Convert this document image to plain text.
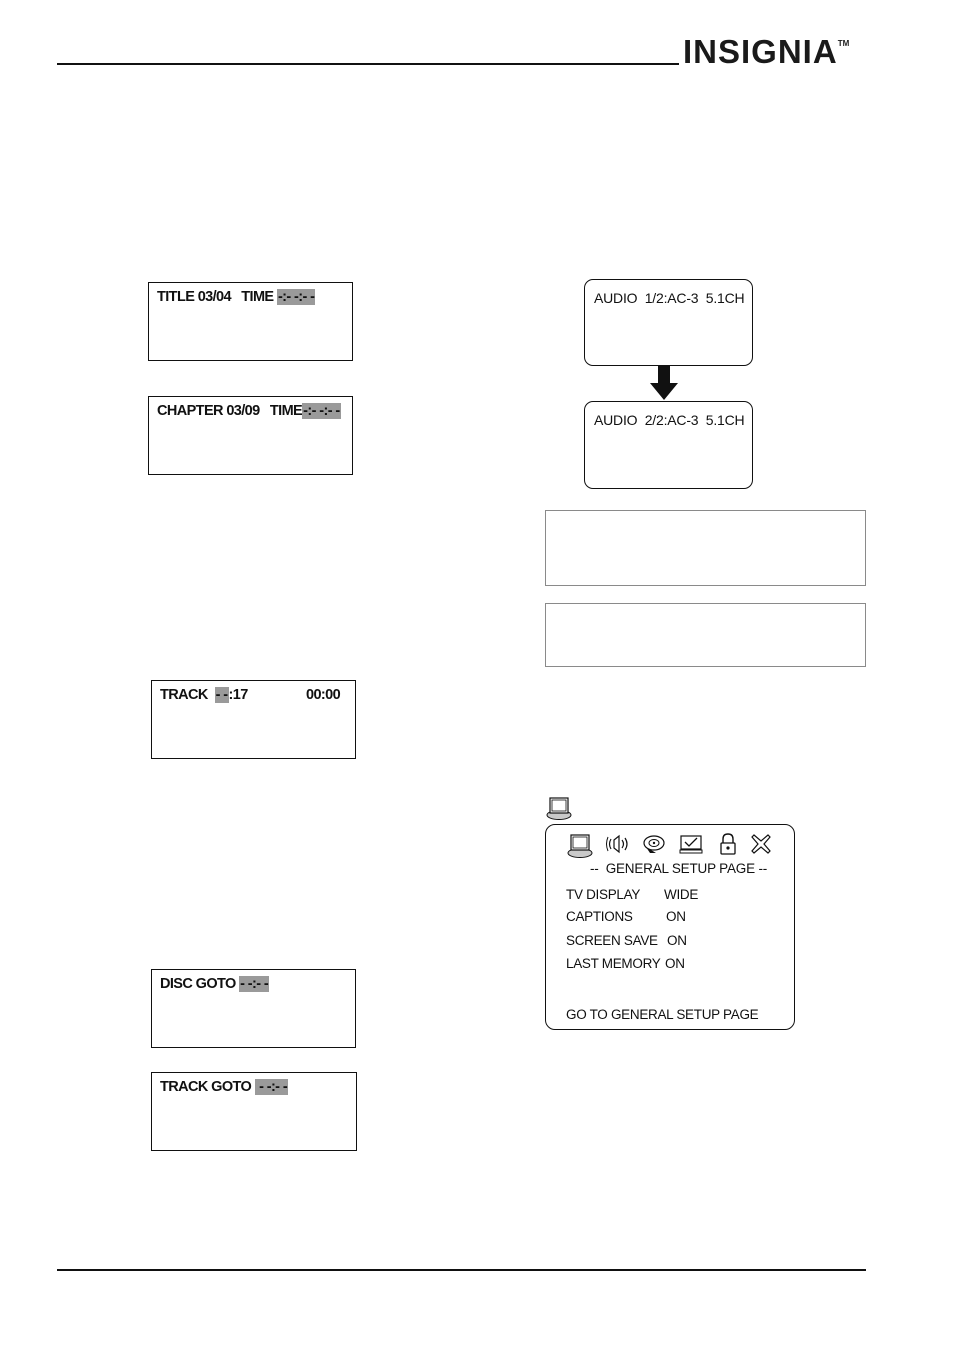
INSIGNIA™
TITLE 03/04   TIME -:- -:- -
CHAPTER 03/09   TIME-:- -:- -
TRACK  - -:17	00:00
DISC GOTO - -:- -
TRACK GOTO  - -:- -
AUDIO  1/2:AC-3  5.1CH
AUDIO  2/2:AC-3  5.1CH
--  GENERAL SETUP PAGE --
TV DISPLAY WIDE
CAPTIONS ON
SCREEN SAVE ON
LAST MEMORY ON
GO TO GENERAL SETUP PAGE
